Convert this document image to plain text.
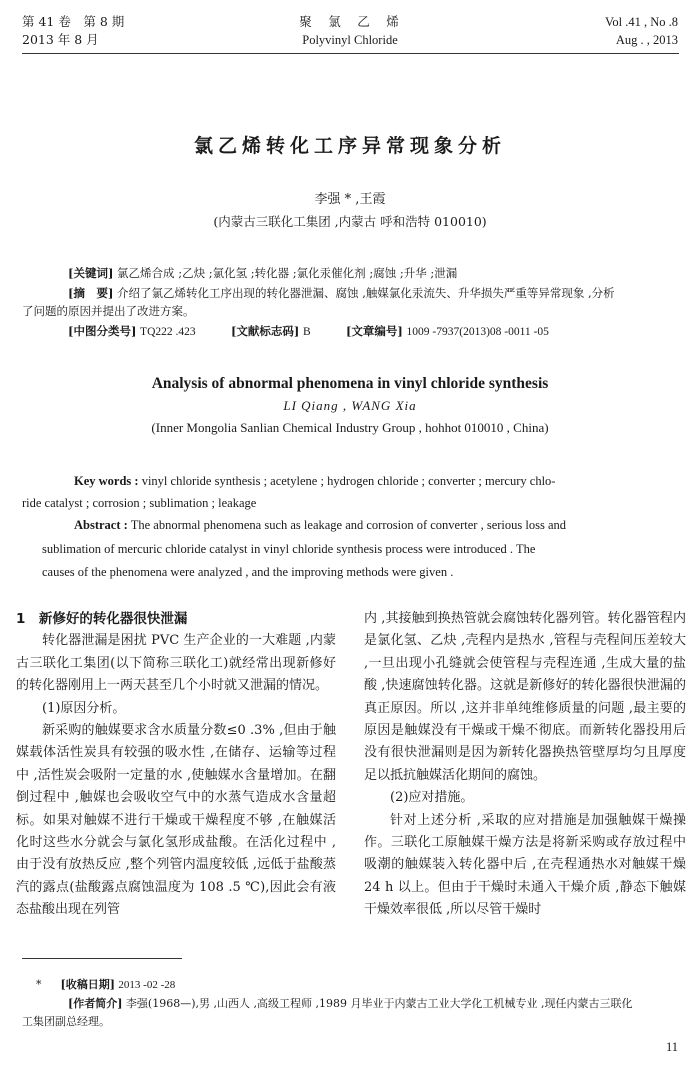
第 41 卷　第 8 期
2013 年 8 月
聚　氯　乙　烯
Polyvinyl Chloride
Vol .41 , No .8
Aug . , 2013
氯乙烯转化工序异常现象分析
李强 * ,王霞
(内蒙古三联化工集团 ,内蒙古 呼和浩特 010010)
[关键词] 氯乙烯合成 ;乙炔 ;氯化氢 ;转化器 ;氯化汞催化剂 ;腐蚀 ;升华 ;泄漏
[摘　要] 介绍了氯乙烯转化工序出现的转化器泄漏、腐蚀 ,触媒氯化汞流失、升华损失严重等异常现象 ,分析
了问题的原因并提出了改进方案。
[中图分类号] TQ222 .423	[文献标志码] B	[文章编号] 1009 -7937(2013)08 -0011 -05
Analysis of abnormal phenomena in vinyl chloride synthesis
LI Qiang , WANG Xia
(Inner Mongolia Sanlian Chemical Industry Group , hohhot 010010 , China)
Key words : vinyl chloride synthesis ; acetylene ; hydrogen chloride ; converter ; mercury chlo-
ride catalyst ; corrosion ; sublimation ; leakage
Abstract : The abnormal phenomena such as leakage and corrosion of converter , serious loss and
sublimation of mercuric chloride catalyst in vinyl chloride synthesis process were introduced . The
causes of the phenomena were analyzed , and the improving methods were given .

1　新修好的转化器很快泄漏

转化器泄漏是困扰 PVC 生产企业的一大难题 ,内蒙古三联化工集团(以下简称三联化工)就经常出现新修好的转化器刚用上一两天甚至几个小时就又泄漏的情况。

(1)原因分析。

新采购的触媒要求含水质量分数≤0 .3% ,但由于触媒载体活性炭具有较强的吸水性 ,在储存、运输等过程中 ,活性炭会吸附一定量的水 ,使触媒水含量增加。在翻倒过程中 ,触媒也会吸收空气中的水蒸气造成水含量超标。如果对触媒不进行干燥或干燥程度不够 ,在触媒活化时这些水分就会与氯化氢形成盐酸。在活化过程中 ,由于没有放热反应 ,整个列管内温度较低 ,远低于盐酸蒸汽的露点(盐酸露点腐蚀温度为 108 .5 ℃),因此会有液态盐酸出现在列管

内 ,其接触到换热管就会腐蚀转化器列管。转化器管程内是氯化氢、乙炔 ,壳程内是热水 ,管程与壳程间压差较大 ,一旦出现小孔缝就会使管程与壳程连通 ,生成大量的盐酸 ,快速腐蚀转化器。这就是新修好的转化器很快泄漏的真正原因。所以 ,这并非单纯维修质量的问题 ,最主要的原因是触媒没有干燥或干燥不彻底。而新转化器投用后没有很快泄漏则是因为新转化器换热管壁厚均匀且厚度足以抵抗触媒活化期间的腐蚀。

(2)应对措施。

针对上述分析 ,采取的应对措施是加强触媒干燥操作。三联化工原触媒干燥方法是将新采购或存放过程中吸潮的触媒装入转化器中后 ,在壳程通热水对触媒干燥 24 h 以上。但由于干燥时未通入干燥介质 ,静态下触媒干燥效率很低 ,所以尽管干燥时

* [收稿日期] 2013 -02 -28
[作者简介] 李强(1968—),男 ,山西人 ,高级工程师 ,1989 月毕业于内蒙古工业大学化工机械专业 ,现任内蒙古三联化
工集团副总经理。
11
